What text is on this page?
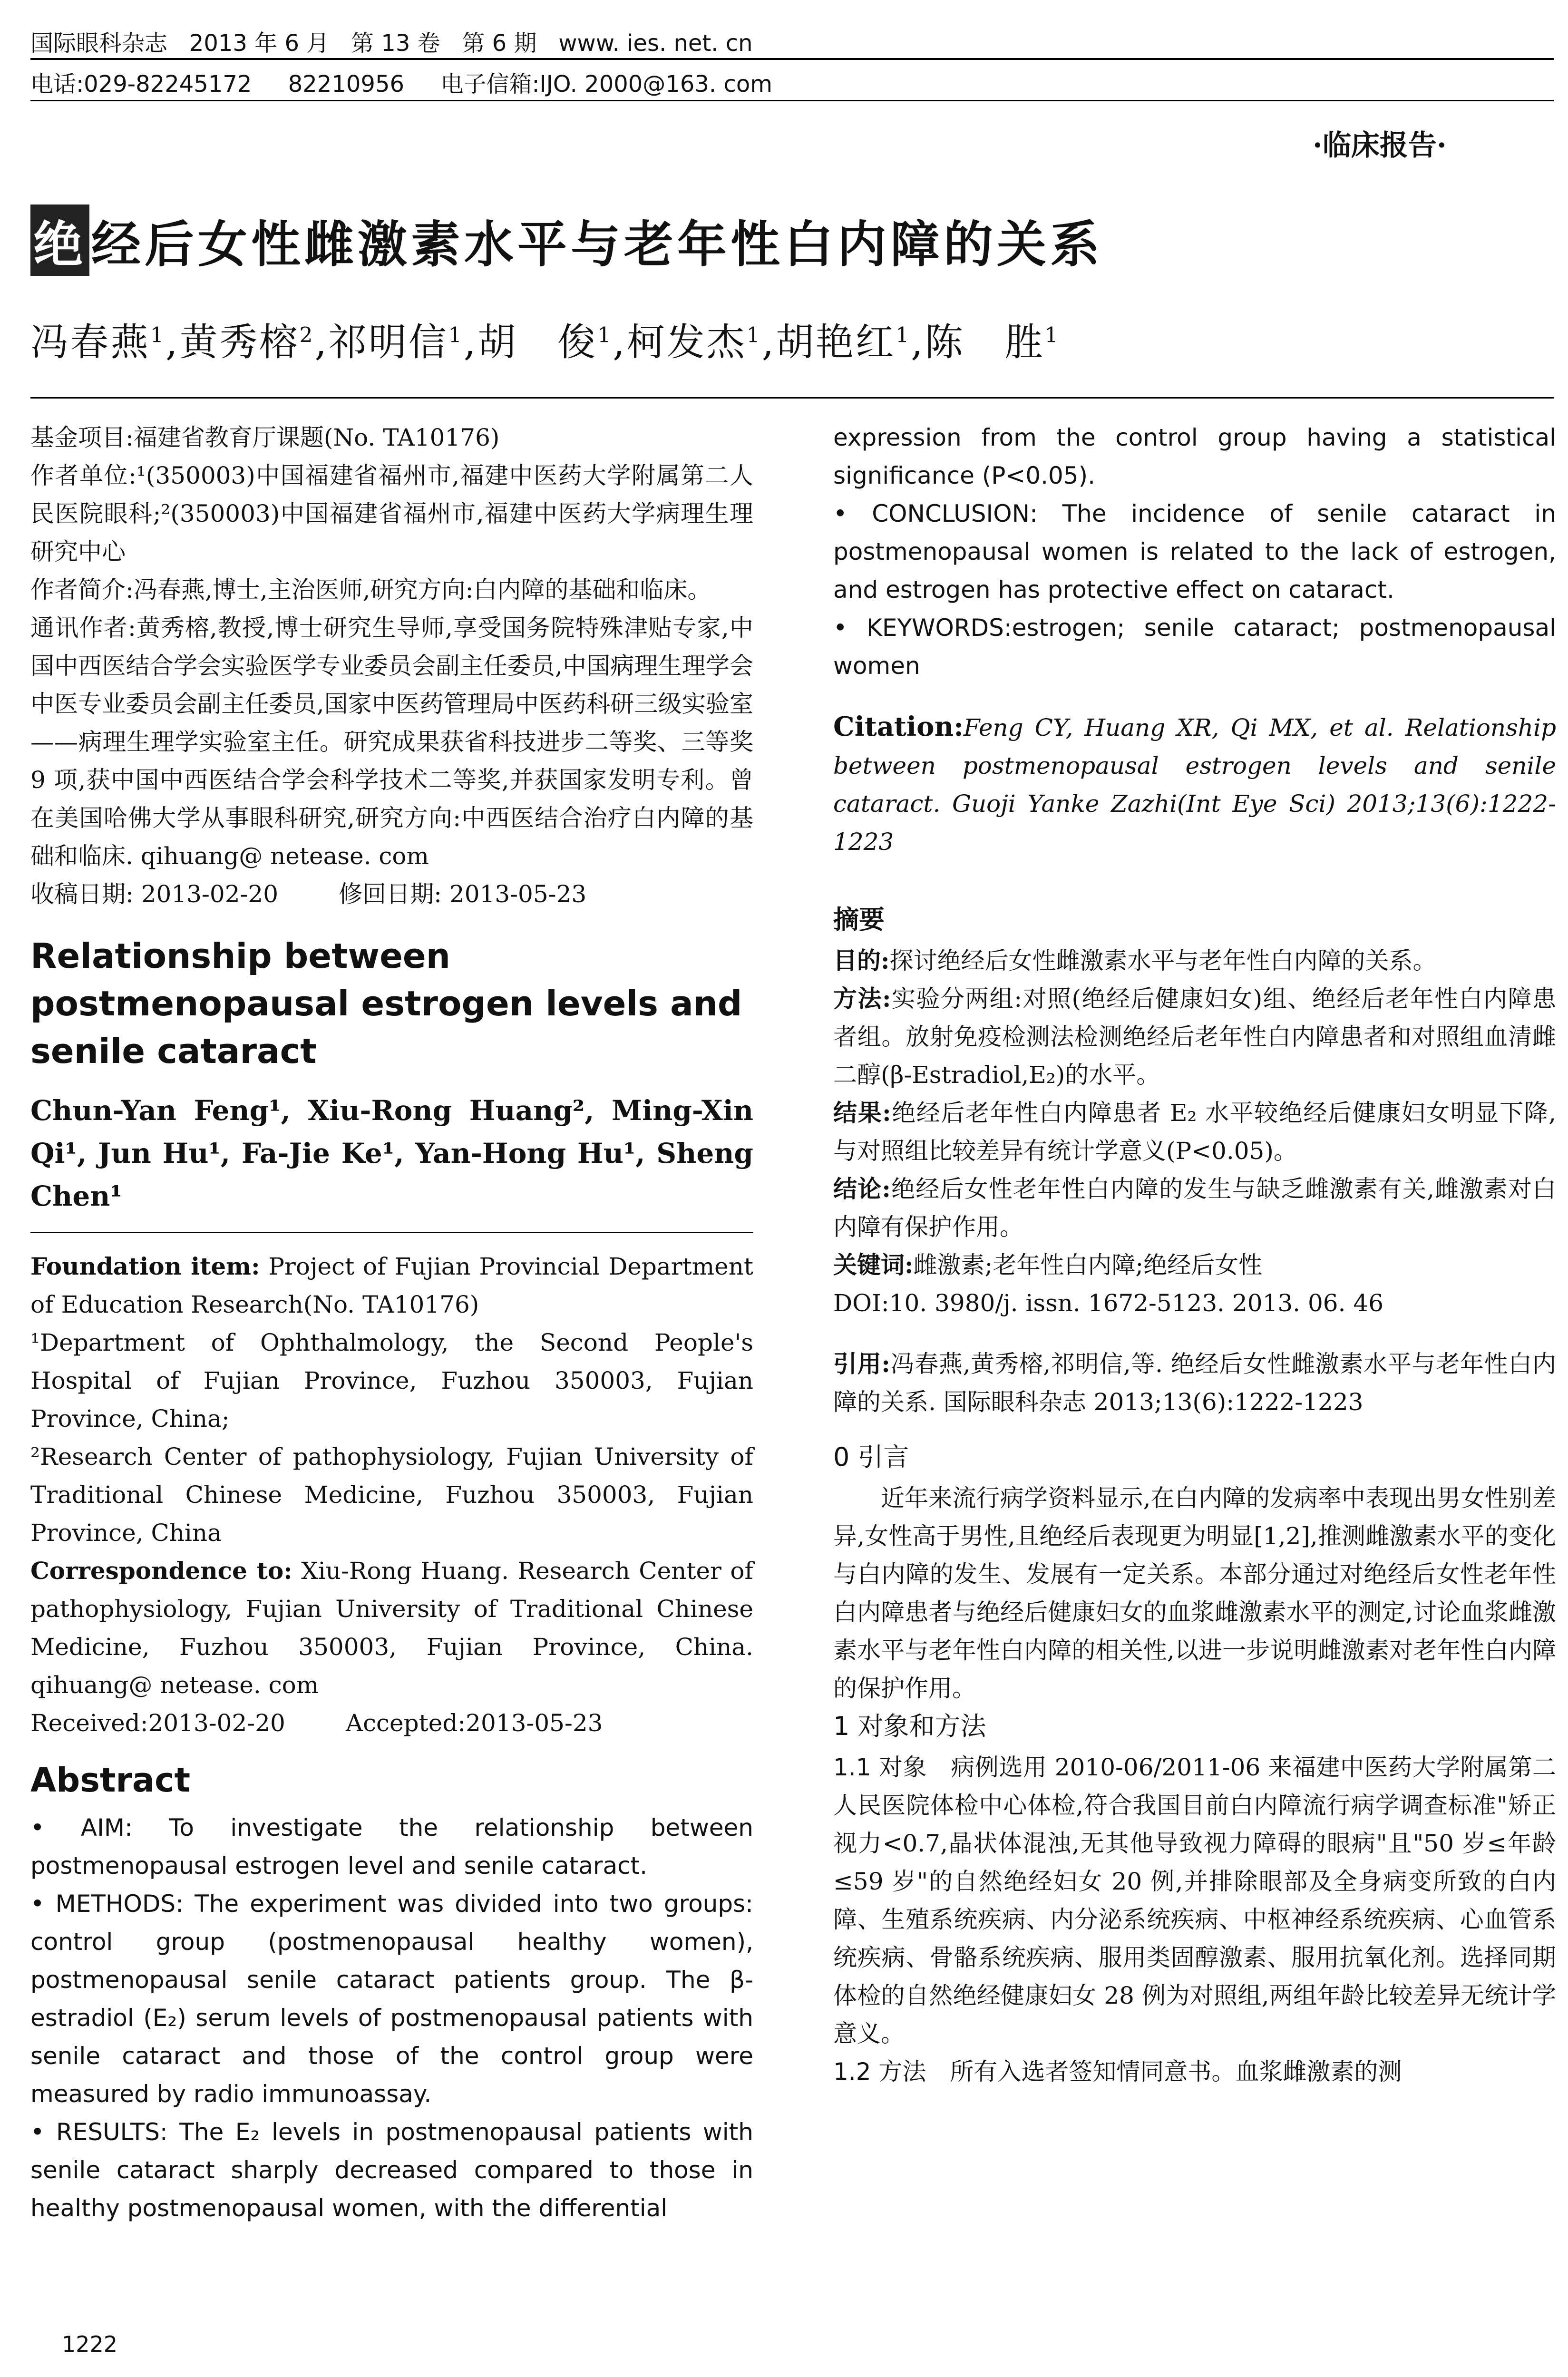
国际眼科杂志   2013 年 6 月   第 13 卷   第 6 期   www. ies. net. cn
电话:029-82245172     82210956     电子信箱:IJO. 2000@163. com
·临床报告·
绝经后女性雌激素水平与老年性白内障的关系
冯春燕$^1$,黄秀榕$^2$,祁明信$^1$,胡　俊$^1$,柯发杰$^1$,胡艳红$^1$,陈　胜$^1$

基金项目:福建省教育厅课题(No. TA10176)

作者单位:¹(350003)中国福建省福州市,福建中医药大学附属第二人民医院眼科;²(350003)中国福建省福州市,福建中医药大学病理生理研究中心

作者简介:冯春燕,博士,主治医师,研究方向:白内障的基础和临床。

通讯作者:黄秀榕,教授,博士研究生导师,享受国务院特殊津贴专家,中国中西医结合学会实验医学专业委员会副主任委员,中国病理生理学会中医专业委员会副主任委员,国家中医药管理局中医药科研三级实验室——病理生理学实验室主任。研究成果获省科技进步二等奖、三等奖 9 项,获中国中西医结合学会科学技术二等奖,并获国家发明专利。曾在美国哈佛大学从事眼科研究,研究方向:中西医结合治疗白内障的基础和临床. qihuang@ netease. com

收稿日期: 2013-02-20        修回日期: 2013-05-23

Relationship between postmenopausal estrogen levels and senile cataract
Chun-Yan Feng¹, Xiu-Rong Huang², Ming-Xin Qi¹, Jun Hu¹, Fa-Jie Ke¹, Yan-Hong Hu¹, Sheng Chen¹

Foundation item: Project of Fujian Provincial Department of Education Research(No. TA10176)

¹Department of Ophthalmology, the Second People's Hospital of Fujian Province, Fuzhou 350003, Fujian Province, China;

²Research Center of pathophysiology, Fujian University of Traditional Chinese Medicine, Fuzhou 350003, Fujian Province, China

Correspondence to: Xiu-Rong Huang. Research Center of pathophysiology, Fujian University of Traditional Chinese Medicine, Fuzhou 350003, Fujian Province, China. qihuang@ netease. com

Received:2013-02-20        Accepted:2013-05-23

Abstract

• AIM: To investigate the relationship between postmenopausal estrogen level and senile cataract.

• METHODS: The experiment was divided into two groups: control group (postmenopausal healthy women), postmenopausal senile cataract patients group. The β-estradiol (E₂) serum levels of postmenopausal patients with senile cataract and those of the control group were measured by radio immunoassay.

• RESULTS: The E₂ levels in postmenopausal patients with senile cataract sharply decreased compared to those in healthy postmenopausal women, with the differential

expression from the control group having a statistical significance (P<0.05).

• CONCLUSION: The incidence of senile cataract in postmenopausal women is related to the lack of estrogen, and estrogen has protective effect on cataract.

• KEYWORDS:estrogen; senile cataract; postmenopausal women

Citation:Feng CY, Huang XR, Qi MX, et al. Relationship between postmenopausal estrogen levels and senile cataract. Guoji Yanke Zazhi(Int Eye Sci) 2013;13(6):1222-1223

摘要

目的:探讨绝经后女性雌激素水平与老年性白内障的关系。

方法:实验分两组:对照(绝经后健康妇女)组、绝经后老年性白内障患者组。放射免疫检测法检测绝经后老年性白内障患者和对照组血清雌二醇(β-Estradiol,E₂)的水平。

结果:绝经后老年性白内障患者 E₂ 水平较绝经后健康妇女明显下降,与对照组比较差异有统计学意义(P<0.05)。

结论:绝经后女性老年性白内障的发生与缺乏雌激素有关,雌激素对白内障有保护作用。

关键词:雌激素;老年性白内障;绝经后女性

DOI:10. 3980/j. issn. 1672-5123. 2013. 06. 46

引用:冯春燕,黄秀榕,祁明信,等. 绝经后女性雌激素水平与老年性白内障的关系. 国际眼科杂志 2013;13(6):1222-1223

0 引言

近年来流行病学资料显示,在白内障的发病率中表现出男女性别差异,女性高于男性,且绝经后表现更为明显[1,2],推测雌激素水平的变化与白内障的发生、发展有一定关系。本部分通过对绝经后女性老年性白内障患者与绝经后健康妇女的血浆雌激素水平的测定,讨论血浆雌激素水平与老年性白内障的相关性,以进一步说明雌激素对老年性白内障的保护作用。

1 对象和方法

1.1 对象　 病例选用 2010-06/2011-06 来福建中医药大学附属第二人民医院体检中心体检,符合我国目前白内障流行病学调查标准"矫正视力<0.7,晶状体混浊,无其他导致视力障碍的眼病"且"50 岁≤年龄≤59 岁"的自然绝经妇女 20 例,并排除眼部及全身病变所致的白内障、生殖系统疾病、内分泌系统疾病、中枢神经系统疾病、心血管系统疾病、骨骼系统疾病、服用类固醇激素、服用抗氧化剂。选择同期体检的自然绝经健康妇女 28 例为对照组,两组年龄比较差异无统计学意义。

1.2 方法　 所有入选者签知情同意书。血浆雌激素的测

1222
